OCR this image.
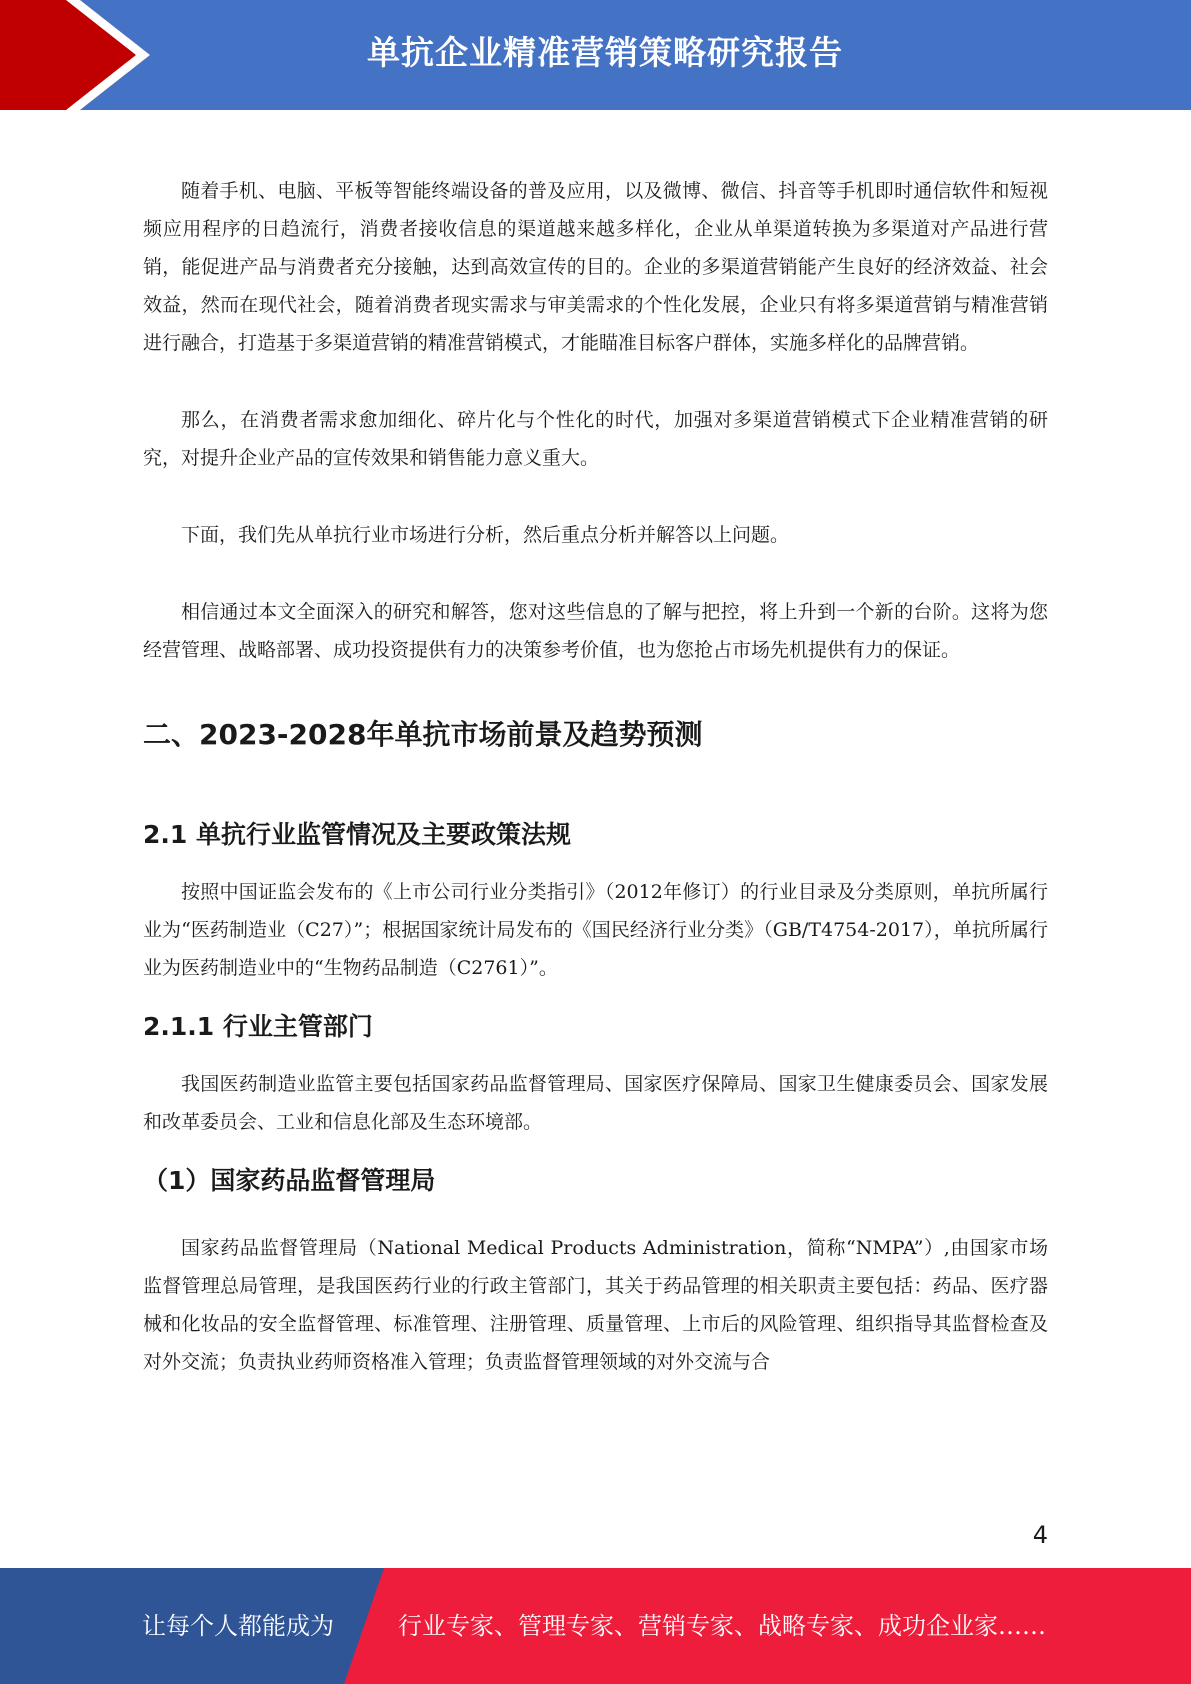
单抗企业精准营销策略研究报告

随着手机、电脑、平板等智能终端设备的普及应用，以及微博、微信、抖音等手机即时通信软件和短视频应用程序的日趋流行，消费者接收信息的渠道越来越多样化，企业从单渠道转换为多渠道对产品进行营销，能促进产品与消费者充分接触，达到高效宣传的目的。企业的多渠道营销能产生良好的经济效益、社会效益，然而在现代社会，随着消费者现实需求与审美需求的个性化发展，企业只有将多渠道营销与精准营销进行融合，打造基于多渠道营销的精准营销模式，才能瞄准目标客户群体，实施多样化的品牌营销。

那么，在消费者需求愈加细化、碎片化与个性化的时代，加强对多渠道营销模式下企业精准营销的研究，对提升企业产品的宣传效果和销售能力意义重大。

下面，我们先从单抗行业市场进行分析，然后重点分析并解答以上问题。

相信通过本文全面深入的研究和解答，您对这些信息的了解与把控，将上升到一个新的台阶。这将为您经营管理、战略部署、成功投资提供有力的决策参考价值，也为您抢占市场先机提供有力的保证。

二、2023-2028年单抗市场前景及趋势预测
2.1 单抗行业监管情况及主要政策法规

按照中国证监会发布的《上市公司行业分类指引》（2012年修订）的行业目录及分类原则，单抗所属行业为“医药制造业（C27）”；根据国家统计局发布的《国民经济行业分类》（GB/T4754-2017），单抗所属行业为医药制造业中的“生物药品制造（C2761）”。

2.1.1 行业主管部门

我国医药制造业监管主要包括国家药品监督管理局、国家医疗保障局、国家卫生健康委员会、国家发展和改革委员会、工业和信息化部及生态环境部。

（1）国家药品监督管理局

国家药品监督管理局（National Medical Products Administration，简称“NMPA”）,由国家市场监督管理总局管理，是我国医药行业的行政主管部门，其关于药品管理的相关职责主要包括：药品、医疗器械和化妆品的安全监督管理、标准管理、注册管理、质量管理、上市后的风险管理、组织指导其监督检查及对外交流；负责执业药师资格准入管理；负责监督管理领域的对外交流与合

4
让每个人都能成为	行业专家、管理专家、营销专家、战略专家、成功企业家……
